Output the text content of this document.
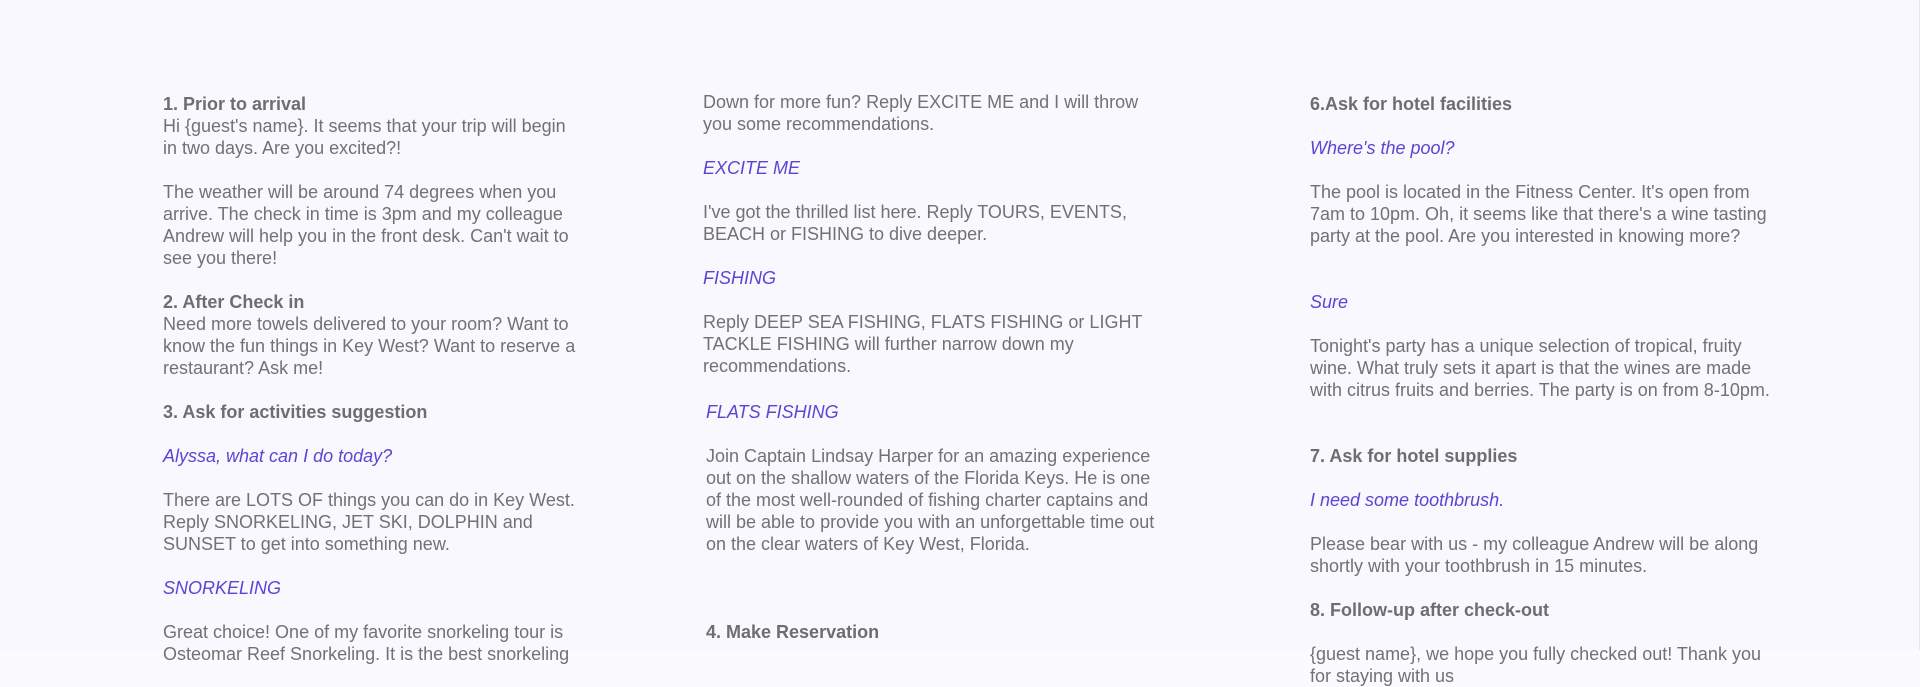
1. Prior to arrival
Hi {guest's name}. It seems that your trip will begin in two days. Are you excited?!
The weather will be around 74 degrees when you arrive. The check in time is 3pm and my colleague Andrew will help you in the front desk. Can't wait to see you there!
2. After Check in
Need more towels delivered to your room? Want to know the fun things in Key West? Want to reserve a restaurant? Ask me!
3. Ask for activities suggestion
Alyssa, what can I do today?
There are LOTS OF things you can do in Key West. Reply SNORKELING, JET SKI, DOLPHIN and SUNSET to get into something new.
SNORKELING
Great choice! One of my favorite snorkeling tour is Osteomar Reef Snorkeling. It is the best snorkeling
Down for more fun? Reply EXCITE ME and I will throw you some recommendations.
EXCITE ME
I've got the thrilled list here. Reply TOURS, EVENTS, BEACH or FISHING to dive deeper.
FISHING
Reply DEEP SEA FISHING, FLATS FISHING or LIGHT TACKLE FISHING will further narrow down my recommendations.
FLATS FISHING
Join Captain Lindsay Harper for an amazing experience out on the shallow waters of the Florida Keys. He is one of the most well-rounded of fishing charter captains and will be able to provide you with an unforgettable time out on the clear waters of Key West, Florida.
4. Make Reservation
6.Ask for hotel facilities
Where's the pool?
The pool is located in the Fitness Center. It's open from 7am to 10pm. Oh, it seems like that there's a wine tasting party at the pool. Are you interested in knowing more?
Sure
Tonight's party has a unique selection of tropical, fruity wine. What truly sets it apart is that the wines are made with citrus fruits and berries. The party is on from 8-10pm.
7. Ask for hotel supplies
I need some toothbrush.
Please bear with us - my colleague Andrew will be along shortly with your toothbrush in 15 minutes.
8. Follow-up after check-out
{guest name}, we hope you fully checked out! Thank you for staying with us
